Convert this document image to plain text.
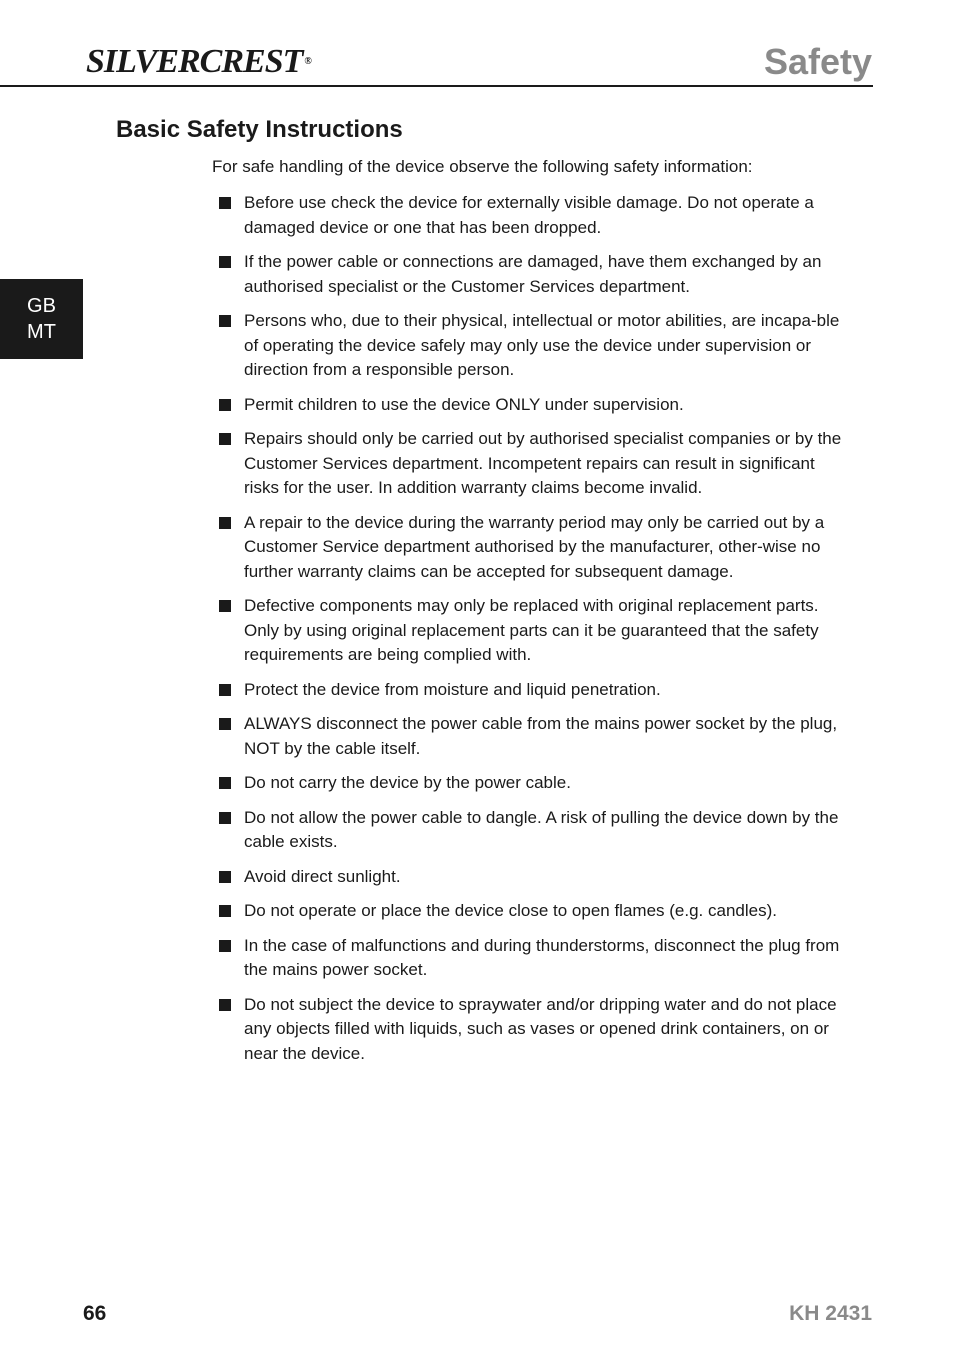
SILVERCREST ®	Safety
GB
MT
Basic Safety Instructions

For safe handling of the device observe the following safety information:

Before use check the device for externally visible damage. Do not operate a damaged device or one that has been dropped.
If the power cable or connections are damaged, have them exchanged by an authorised specialist or the Customer Services department.
Persons who, due to their physical, intellectual or motor abilities, are incapa-ble of operating the device safely may only use the device under supervision or direction from a responsible person.
Permit children to use the device ONLY under supervision.
Repairs should only be carried out by authorised specialist companies or by the Customer Services department. Incompetent repairs can result in significant risks for the user. In addition warranty claims become invalid.
A repair to the device during the warranty period may only be carried out by a Customer Service department authorised by the manufacturer, other-wise no further warranty claims can be accepted for subsequent damage.
Defective components may only be replaced with original replacement parts. Only by using original replacement parts can it be guaranteed that the safety requirements are being complied with.
Protect the device from moisture and liquid penetration.
ALWAYS disconnect the power cable from the mains power socket by the plug, NOT by the cable itself.
Do not carry the device by the power cable.
Do not allow the power cable to dangle. A risk of pulling the device down by the cable exists.
Avoid direct sunlight.
Do not operate or place the device close to open flames (e.g. candles).
In the case of malfunctions and during thunderstorms, disconnect the plug from the mains power socket.
Do not subject the device to spraywater and/or dripping water and do not place any objects filled with liquids, such as vases or opened drink containers, on or near the device.
66	KH 2431
